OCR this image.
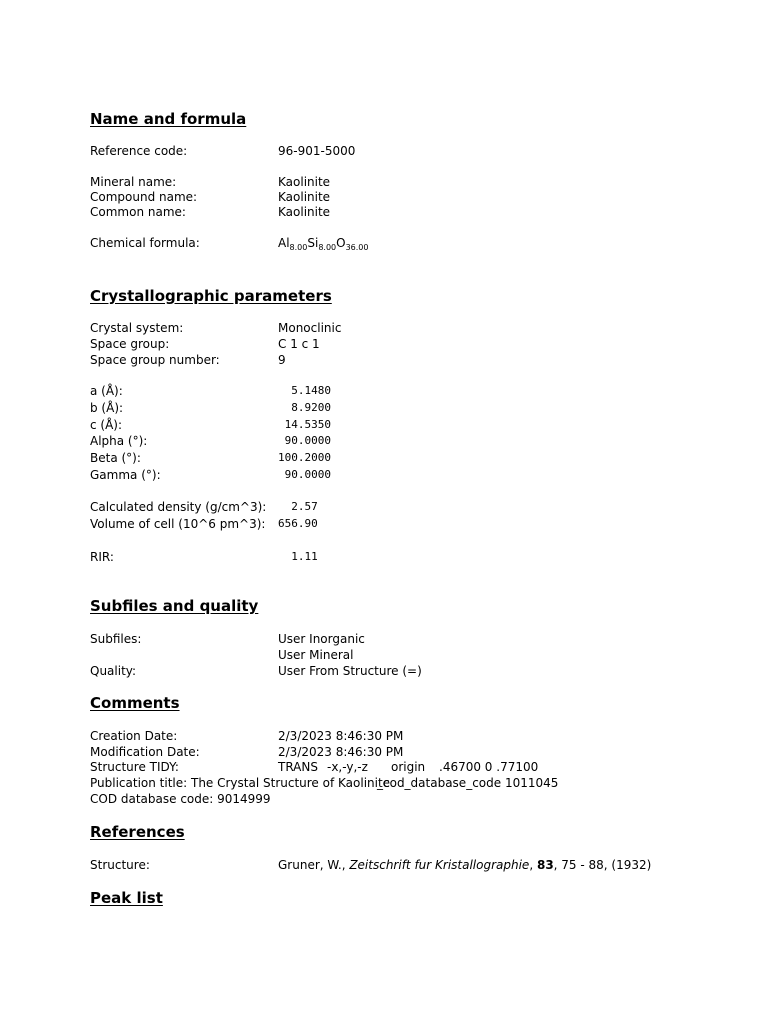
Name and formula
Reference code:	96-901-5000
Mineral name:	Kaolinite
Compound name:	Kaolinite
Common name:	Kaolinite
Chemical formula:	$Al_{8.00}Si_{8.00}O_{36.00}$
Crystallographic parameters
Crystal system:	Monoclinic
Space group:	C 1 c 1
Space group number:	9
a (Å):	5.1480
b (Å):	8.9200
c (Å):	14.5350
Alpha (°):	90.0000
Beta (°):	100.2000
Gamma (°):	90.0000
Calculated density (g/cm^3): 2.57
Volume of cell (10^6 pm^3): 656.90
RIR:	1.11
Subfiles and quality
Subfiles:	User Inorganic
User Mineral
Quality:	User From Structure (=)
Comments
Creation Date:	2/3/2023 8:46:30 PM
Modification Date:	2/3/2023 8:46:30 PM
Structure TIDY:	TRANS -x,-y,-z origin .46700 0 .77100
Publication title: The Crystal Structure of Kaolinite_cod_database_code 1011045
COD database code: 9014999
References
Structure:	Gruner, W., Zeitschrift fur Kristallographie, 83, 75 - 88, (1932)
Peak list
